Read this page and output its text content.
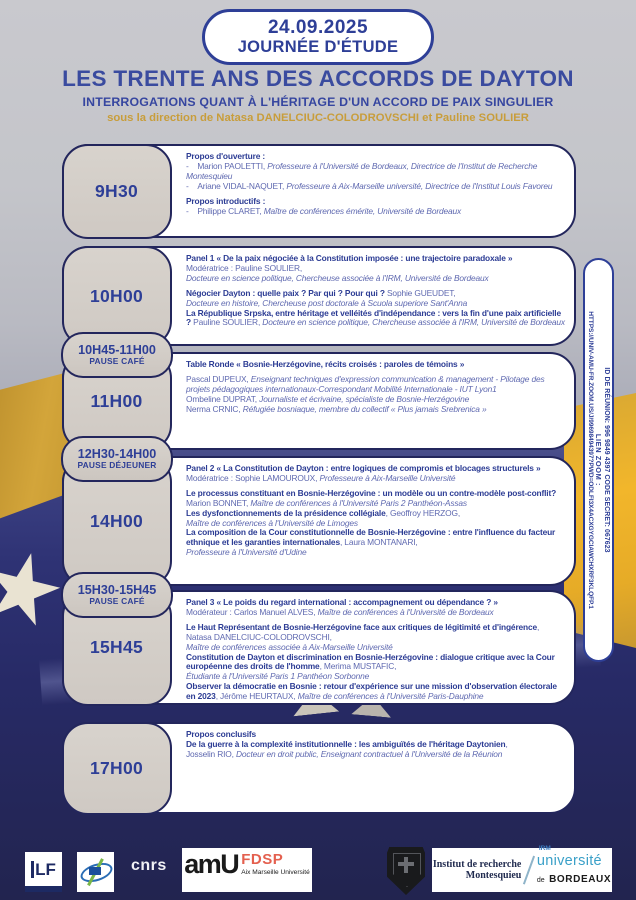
24.09.2025
JOURNÉE D'ÉTUDE
LES TRENTE ANS DES ACCORDS DE DAYTON
INTERROGATIONS QUANT À L'HÉRITAGE D'UN ACCORD DE PAIX SINGULIER
sous la direction de Natasa DANELCIUC-COLODROVSCHI et Pauline SOULIER
9H30
Propos d'ouverture :
-    Marion PAOLETTI, Professeure à l'Université de Bordeaux, Directrice de l'Institut de Recherche Montesquieu
-    Ariane VIDAL-NAQUET, Professeure à Aix-Marseille université, Directrice de l'Institut Louis Favoreu
Propos introductifs :
-    Philippe CLARET, Maître de conférences émérite, Université de Bordeaux
10H00
Panel 1 « De la paix négociée à la Constitution imposée : une trajectoire paradoxale »
Modératrice : Pauline SOULIER,
Docteure en science politique, Chercheuse associée à l'IRM, Université de Bordeaux
Négocier Dayton : quelle paix ? Par qui ? Pour qui ? Sophie GUEUDET,
Docteure en histoire, Chercheuse post doctorale à Scuola superiore Sant'Anna
La République Srpska, entre héritage et velléités d'indépendance : vers la fin d'une paix artificielle ? Pauline SOULIER, Docteure en science politique, Chercheuse associée à l'IRM, Université de Bordeaux
11H00
Table Ronde « Bosnie-Herzégovine, récits croisés : paroles de témoins »
Pascal DUPEUX, Enseignant techniques d'expression communication & management - Pilotage des projets pédagogiques internationaux-Correspondant Mobilité Internationale - IUT Lyon1
Ombeline DUPRAT, Journaliste et écrivaine, spécialiste de Bosnie-Herzégovine
Nerma CRNIC, Réfugiée bosniaque, membre du collectif « Plus jamais Srebrenica »
14H00
Panel 2 « La Constitution de Dayton : entre logiques de compromis et blocages structurels »
Modératrice : Sophie LAMOUROUX, Professeure à Aix-Marseille Université
Le processus constituant en Bosnie-Herzégovine : un modèle ou un contre-modèle post-conflit? Marion BONNET, Maître de conférences à l'Université Paris 2 Panthéon-Assas
Les dysfonctionnements de la présidence collégiale, Geoffroy HERZOG,
Maître de conférences à l'Université de Limoges
La composition de la Cour constitutionnelle de Bosnie-Herzégovine : entre l'influence du facteur ethnique et les garanties internationales, Laura MONTANARI,
Professeure à l'Université d'Udine
15H45
Panel 3 « Le poids du regard international : accompagnement ou dépendance ? »
Modérateur : Carlos Manuel ALVES, Maître de conférences à l'Université de Bordeaux
Le Haut Représentant de Bosnie-Herzégovine face aux critiques de légitimité et d'ingérence, Natasa DANELCIUC-COLODROVSCHI,
Maître de conférences associée à Aix-Marseille Université
Constitution de Dayton et discrimination en Bosnie-Herzégovine : dialogue critique avec la Cour européenne des droits de l'homme, Merima MUSTAFIC,
Étudiante à l'Université Paris 1 Panthéon Sorbonne
Observer la démocratie en Bosnie : retour d'expérience sur une mission d'observation électorale en 2023, Jérôme HEURTAUX, Maître de conférences à l'Université Paris-Dauphine
17H00
Propos conclusifs
De la guerre à la complexité institutionnelle : les ambiguïtés de l'héritage Daytonien,
Josselin RIO, Docteur en droit public, Enseignant contractuel à l'Université de la Réunion
10H45-11H00
PAUSE CAFÉ
12H30-14H00
PAUSE DÉJEUNER
15H30-15H45
PAUSE CAFÉ
ID DE RÉUNION: 996 9849 4397 CODE SECRET: 067623
LIEN ZOOM :
HTTPS://UNIV-AMU-FR.ZOOM.US/J/99698494397?PWD=ODLFI3X4ACXGYGCIAWCHXRF3KLQFP.1
LF	cnrs amU FDSP
Aix Marseille Université
Institut de recherche
Montesquieu
IRM
université
de BORDEAUX
